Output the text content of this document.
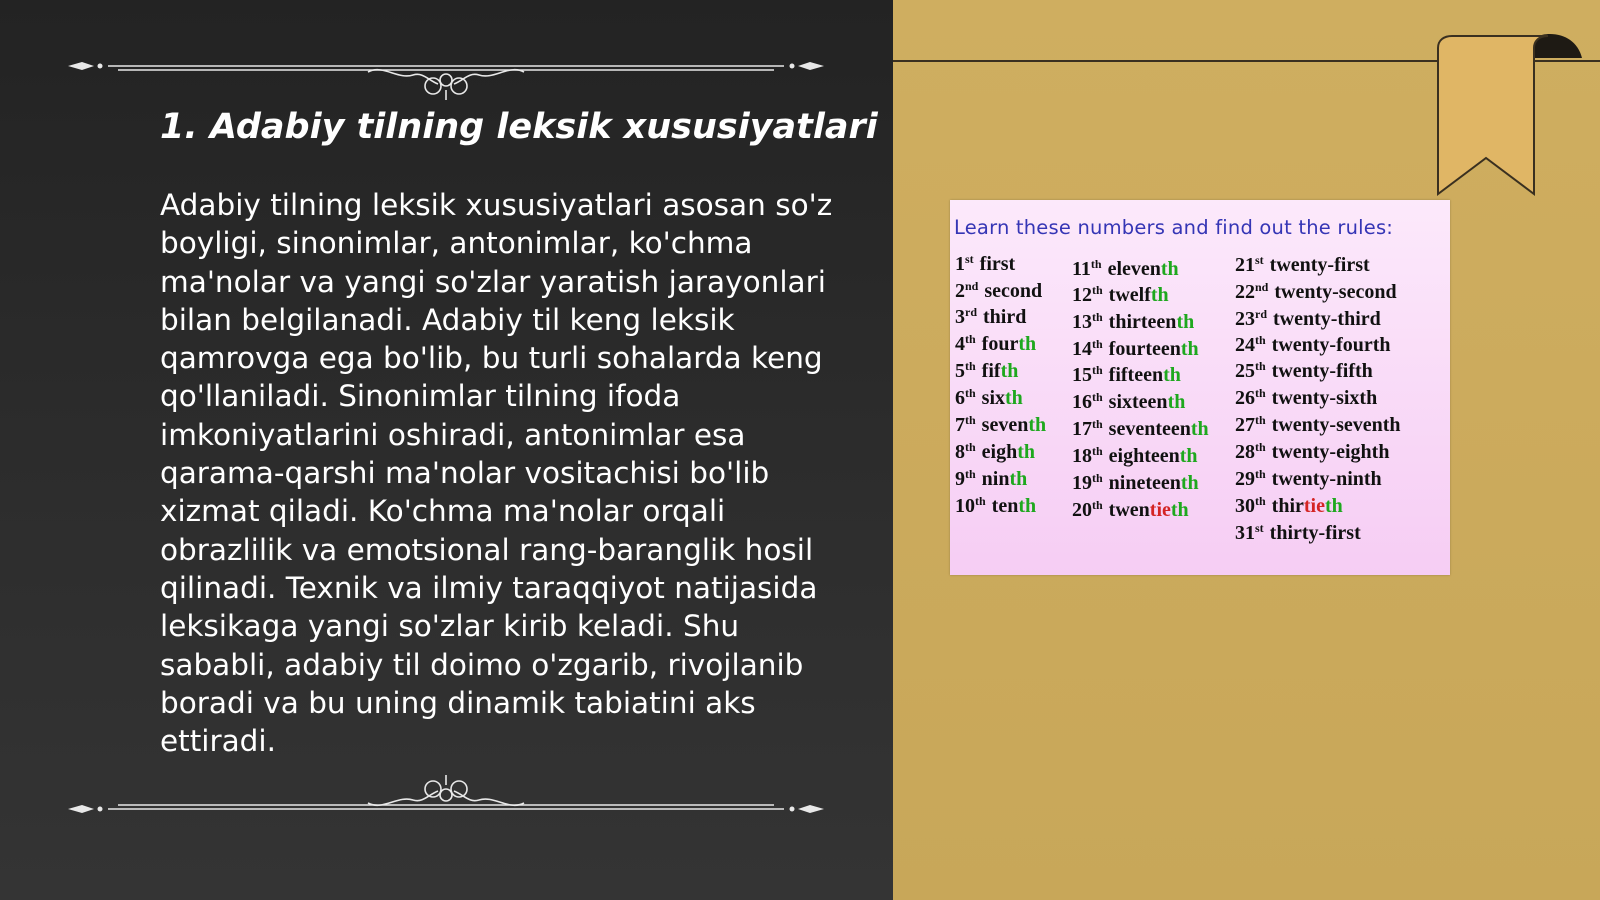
1. Adabiy tilning leksik xususiyatlari
Adabiy tilning leksik xususiyatlari asosan so'z boyligi, sinonimlar, antonimlar, ko'chma ma'nolar va yangi so'zlar yaratish jarayonlari bilan belgilanadi. Adabiy til keng leksik qamrovga ega bo'lib, bu turli sohalarda keng qo'llaniladi. Sinonimlar tilning ifoda imkoniyatlarini oshiradi, antonimlar esa qarama-qarshi ma'nolar vositachisi bo'lib xizmat qiladi. Ko'chma ma'nolar orqali obrazlilik va emotsional rang-baranglik hosil qilinadi. Texnik va ilmiy taraqqiyot natijasida leksikaga yangi so'zlar kirib keladi. Shu sababli, adabiy til doimo o'zgarib, rivojlanib boradi va bu uning dinamik tabiatini aks ettiradi.
Learn these numbers and find out the rules:
1st first
2nd second
3rd third
4th fourth
5th fifth
6th sixth
7th seventh
8th eighth
9th ninth
10th tenth
11th eleventh
12th twelfth
13th thirteenth
14th fourteenth
15th fifteenth
16th sixteenth
17th seventeenth
18th eighteenth
19th nineteenth
20th twentieth
21st twenty-first
22nd twenty-second
23rd twenty-third
24th twenty-fourth
25th twenty-fifth
26th twenty-sixth
27th twenty-seventh
28th twenty-eighth
29th twenty-ninth
30th thirtieth
31st thirty-first
